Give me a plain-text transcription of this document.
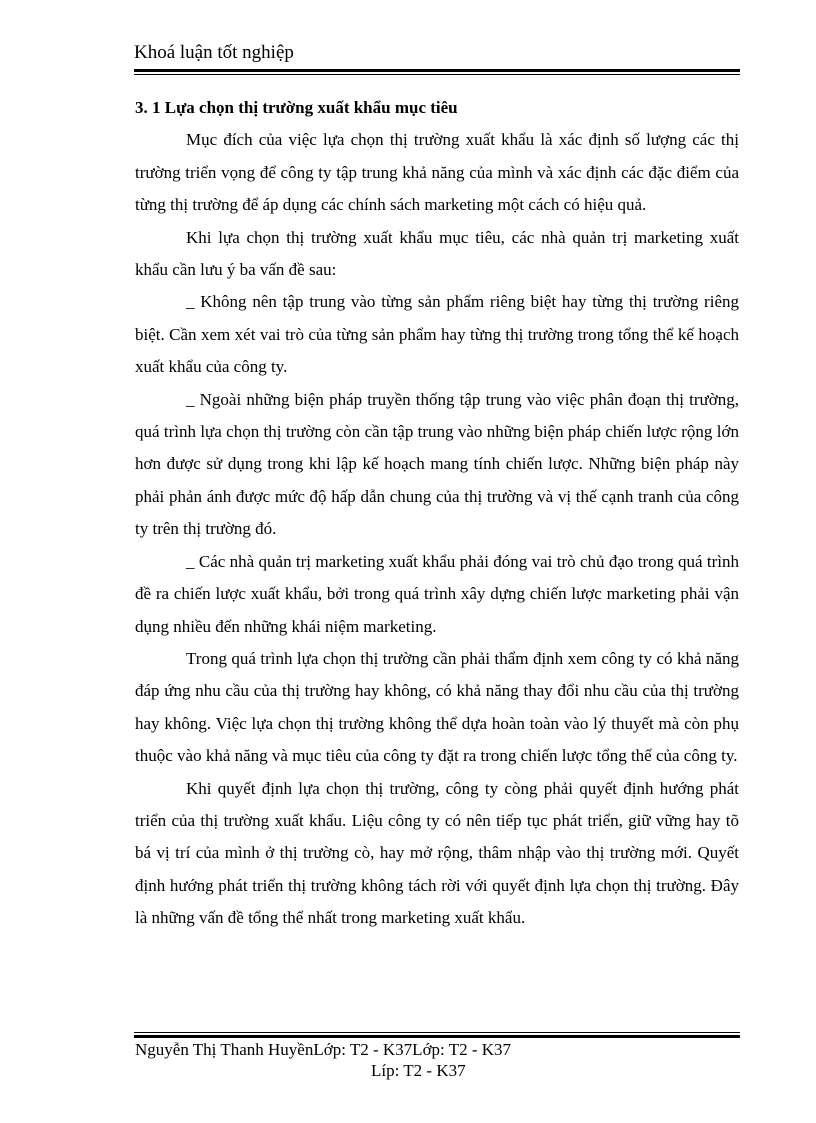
Khoá luận tốt nghiệp

3. 1 Lựa chọn thị trường xuất khẩu mục tiêu

Mục đích của việc lựa chọn thị trường xuất khẩu là xác định số lượng các thị trường triển vọng để công ty tập trung khả năng của mình và xác định các đặc điểm của từng thị trường để áp dụng các chính sách marketing một cách có hiệu quả.

Khi lựa chọn thị trường xuất khẩu mục tiêu, các nhà quản trị marketing xuất khẩu cần lưu ý ba vấn đề sau:

_ Không nên tập trung vào từng sản phẩm riêng biệt hay từng thị trường riêng biệt. Cần xem xét vai trò của từng sản phẩm hay từng thị trường trong tổng thể kế hoạch xuất khẩu của công ty.

_ Ngoài những biện pháp truyền thống tập trung vào việc phân đoạn thị trường, quá trình lựa chọn thị trường còn cần tập trung vào những biện pháp chiến lược rộng lớn hơn được sử dụng trong khi lập kế hoạch mang tính chiến lược. Những biện pháp này phải phản ánh được mức độ hấp dẫn chung của thị trường và vị thế cạnh tranh của công ty trên thị trường đó.

_ Các nhà quản trị marketing xuất khẩu phải đóng vai trò chủ đạo trong quá trình đề ra chiến lược xuất khẩu, bởi trong quá trình xây dựng chiến lược marketing phải vận dụng nhiều đến những khái niệm marketing.

Trong quá trình lựa chọn thị trường cần phải thẩm định xem công ty có khả năng đáp ứng nhu cầu của thị trường hay không, có khả năng thay đổi nhu cầu của thị trường hay không. Việc lựa chọn thị trường không thể dựa hoàn toàn vào lý thuyết mà còn phụ thuộc vào khả năng và mục tiêu của công ty đặt ra trong chiến lược tổng thể của công ty.

Khi quyết định lựa chọn thị trường, công ty còng phải quyết định hướng phát triển của thị trường xuất khẩu. Liệu công ty có nên tiếp tục phát triển, giữ vững hay tõ bá vị trí của mình ở thị trường cò, hay mở rộng, thâm nhập vào thị trường mới. Quyết định hướng phát triển thị trường không tách rời với quyết định lựa chọn thị trường. Đây là những vấn đề tổng thể nhất trong marketing xuất khẩu.

Nguyễn Thị Thanh HuyềnLớp: T2 - K37Lớp: T2 - K37
Líp: T2 - K37
